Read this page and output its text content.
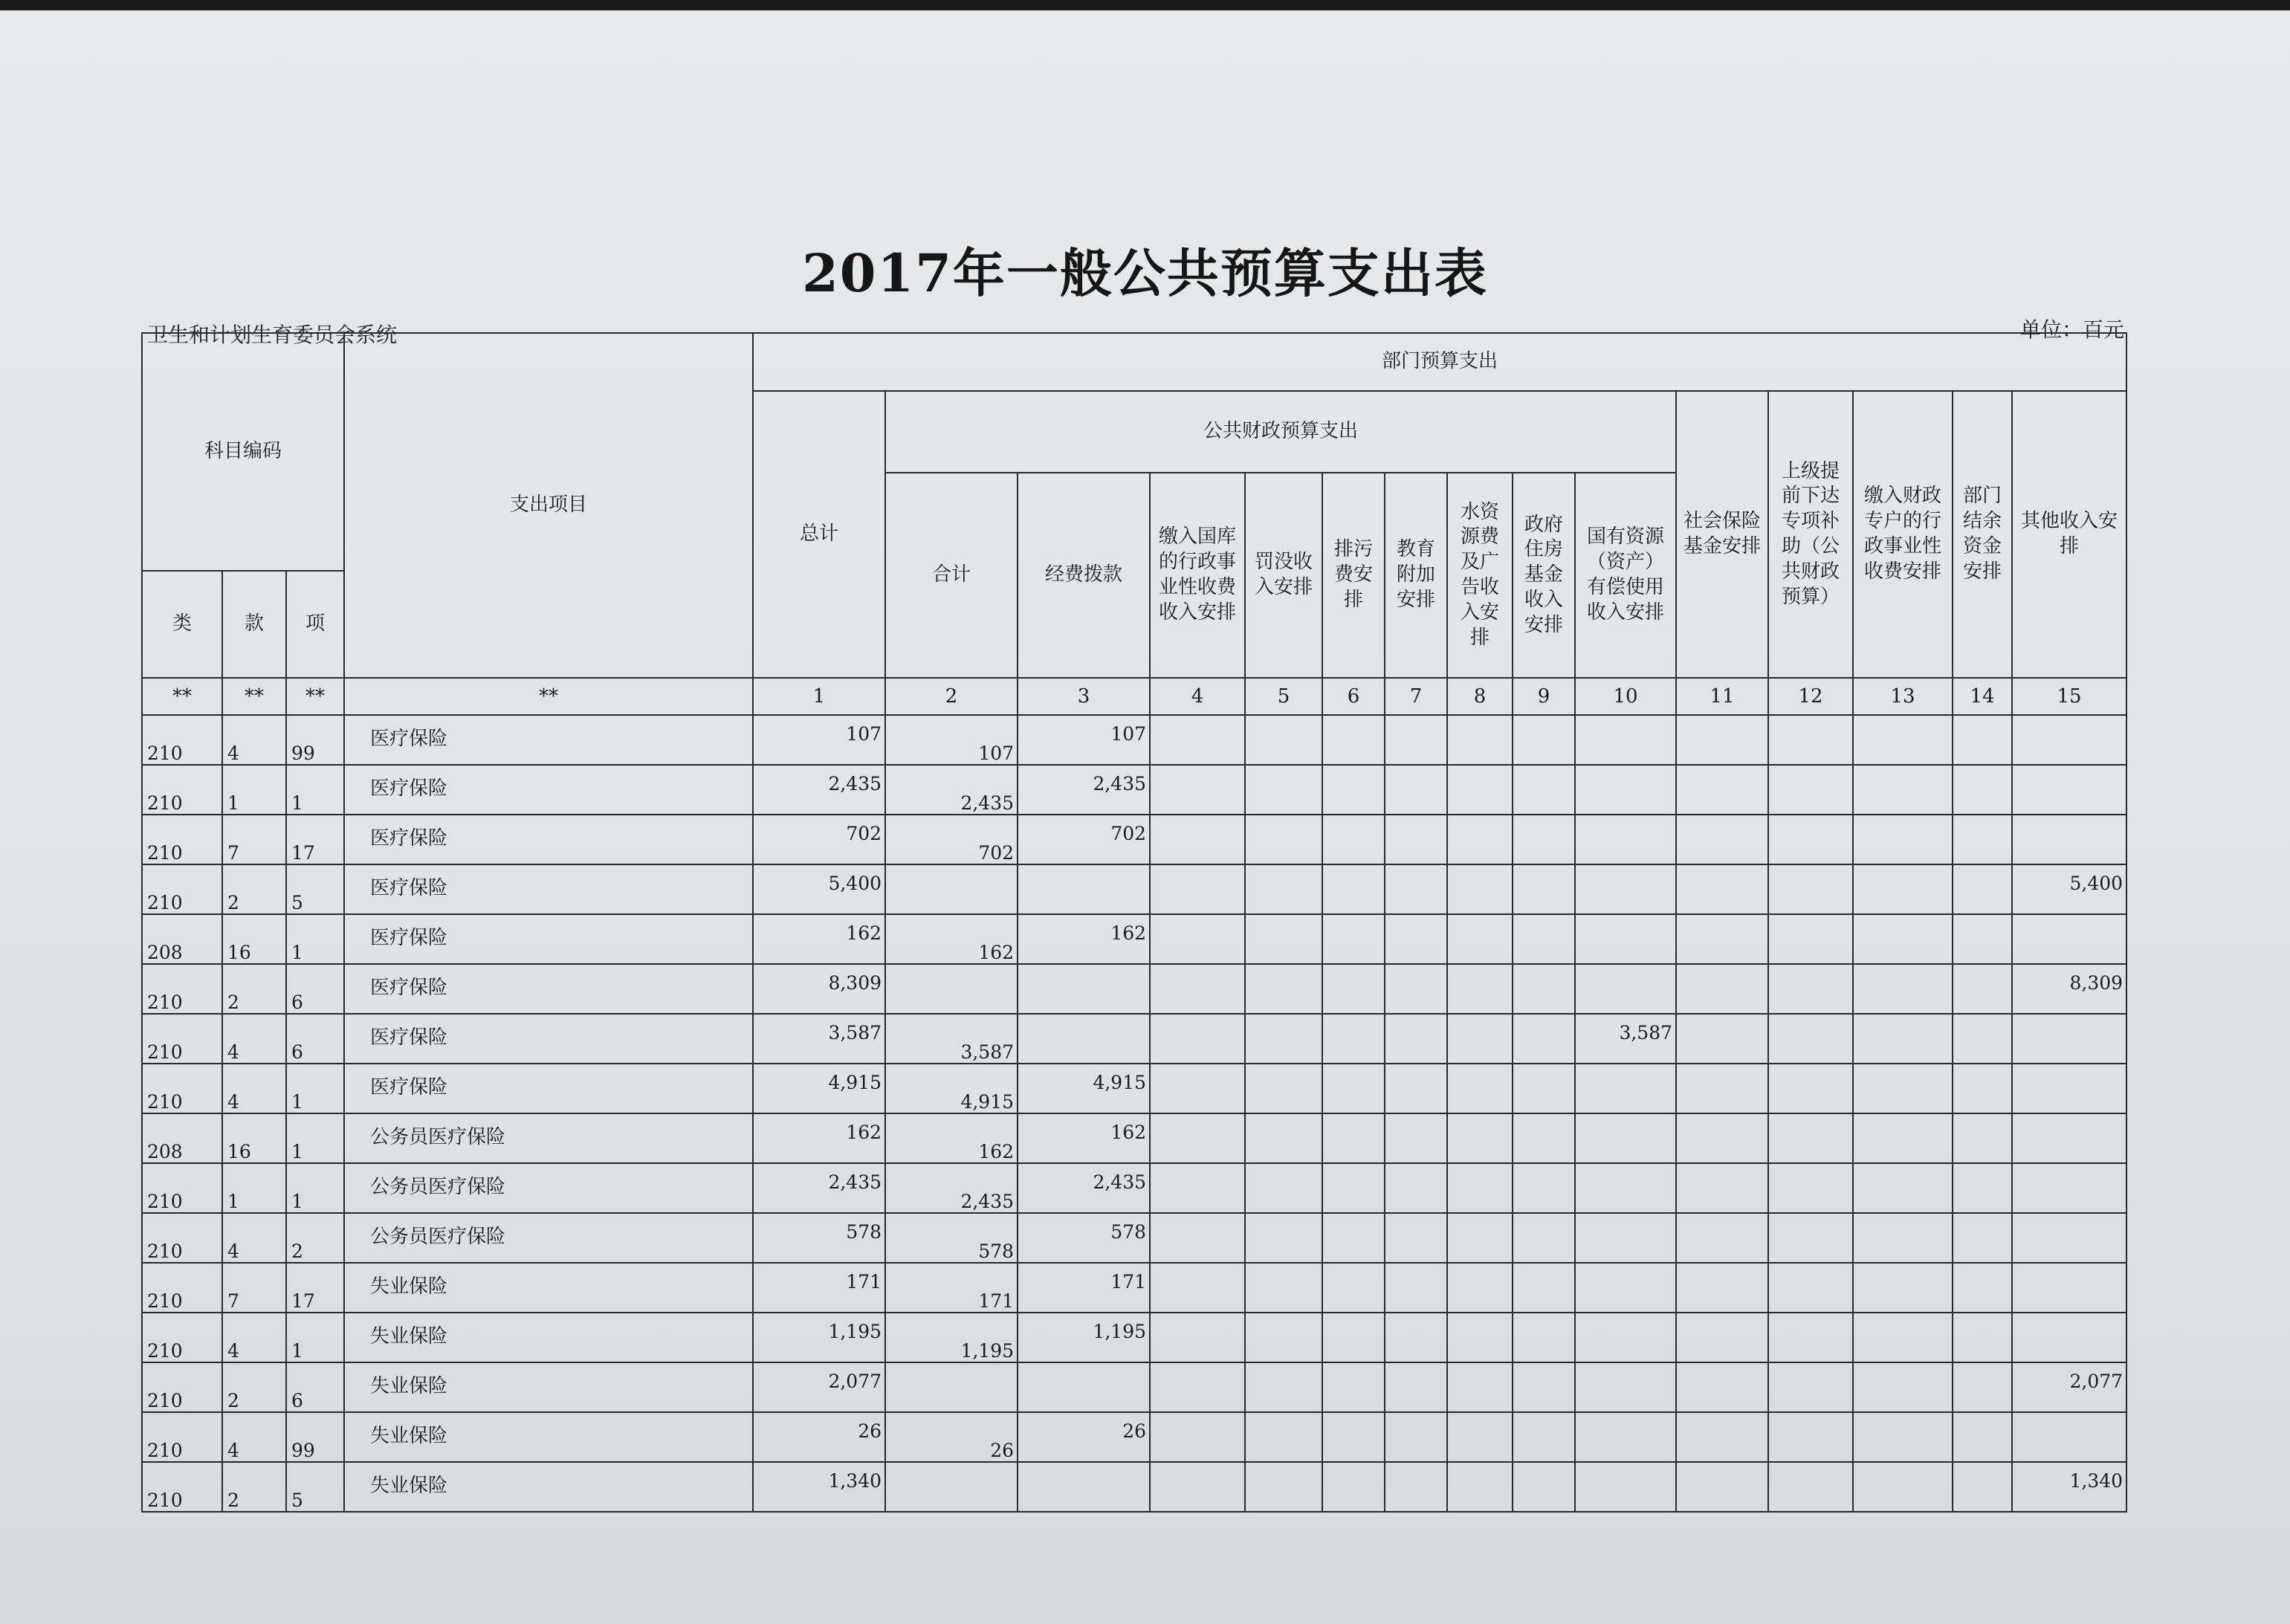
2017年一般公共预算支出表
卫生和计划生育委员会系统	单位：百元
科目编码			支出项目	部门预算支出														
				总计	公共财政预算支出									社会保险基金安排	上级提前下达专项补助（公共财政预算）	缴入财政专户的行政事业性收费安排	部门结余资金安排	其他收入安排
					合计	经费拨款	缴入国库的行政事业性收费收入安排	罚没收入安排	排污费安排	教育附加安排	水资源费及广告收入安排	政府住房基金收入安排	国有资源（资产）有偿使用收入安排					
类	款	项																
**	**	**	**	1	2	3	4	5	6	7	8	9	10	11	12	13	14	15
210	4	99	医疗保险	107	107	107												
210	1	1	医疗保险	2,435	2,435	2,435												
210	7	17	医疗保险	702	702	702												
210	2	5	医疗保险	5,400														5,400
208	16	1	医疗保险	162	162	162												
210	2	6	医疗保险	8,309														8,309
210	4	6	医疗保险	3,587	3,587								3,587					
210	4	1	医疗保险	4,915	4,915	4,915												
208	16	1	公务员医疗保险	162	162	162												
210	1	1	公务员医疗保险	2,435	2,435	2,435												
210	4	2	公务员医疗保险	578	578	578												
210	7	17	失业保险	171	171	171												
210	4	1	失业保险	1,195	1,195	1,195												
210	2	6	失业保险	2,077														2,077
210	4	99	失业保险	26	26	26												
210	2	5	失业保险	1,340														1,340
